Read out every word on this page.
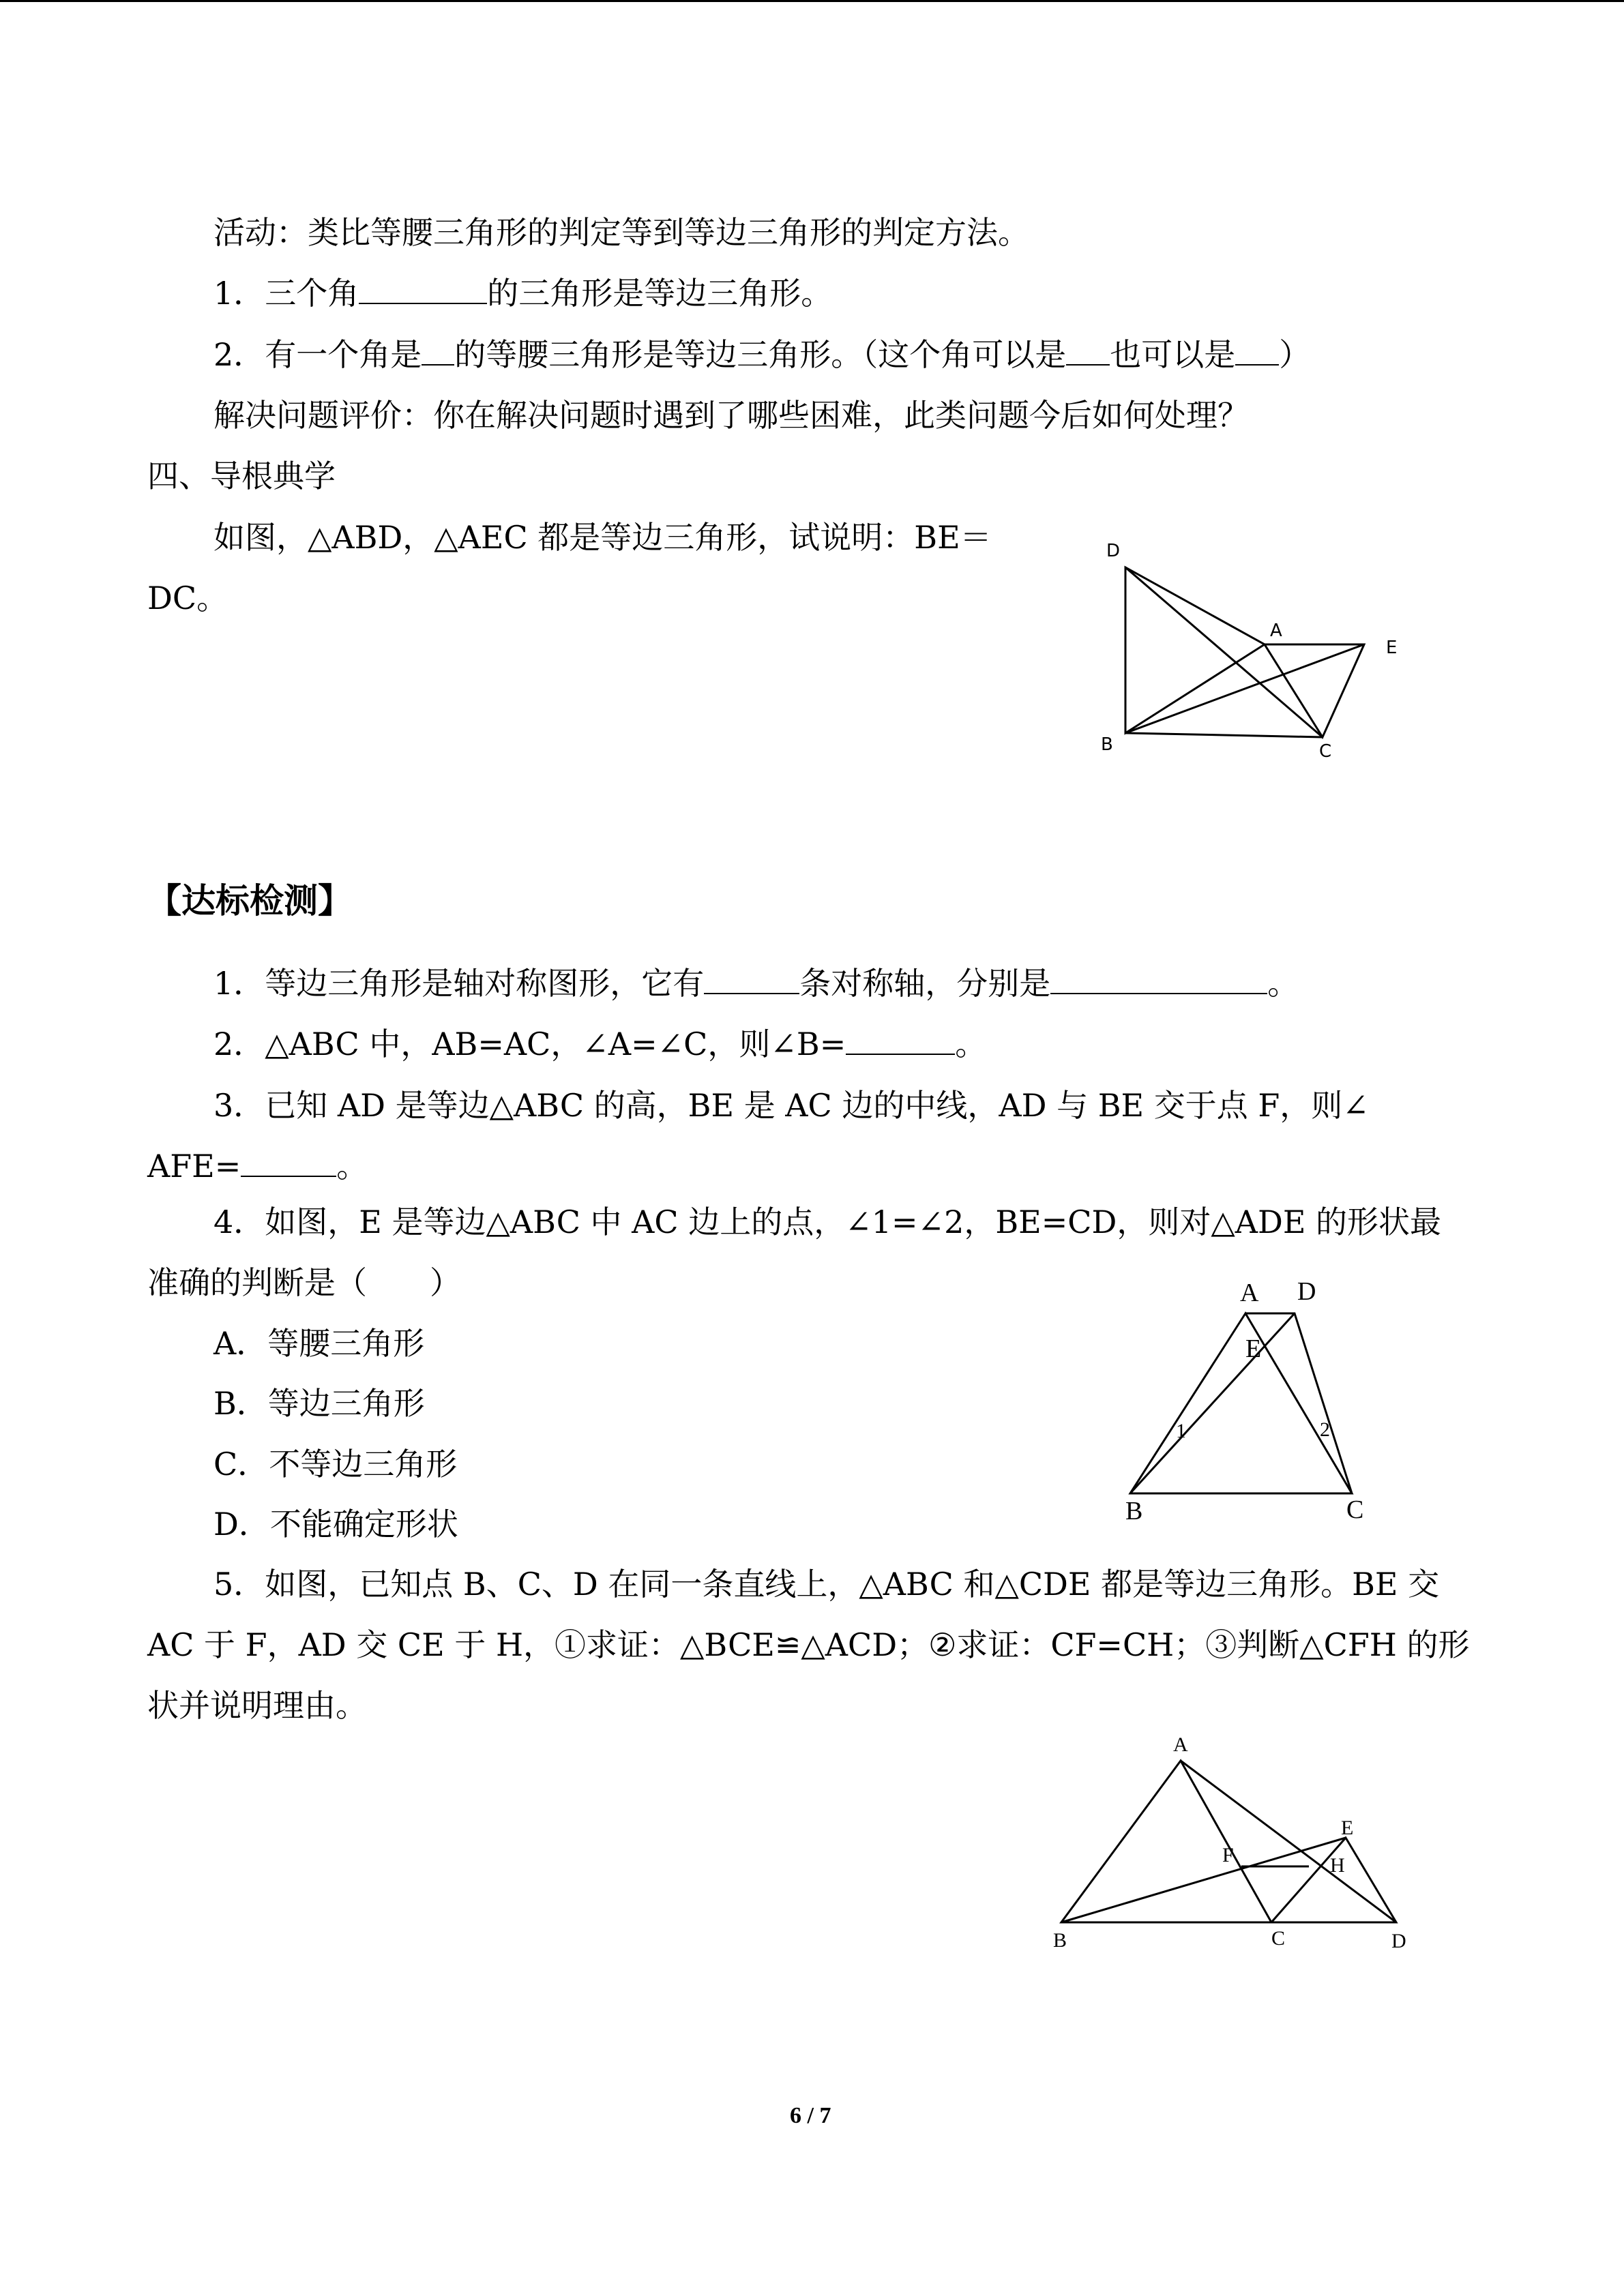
活动：类比等腰三角形的判定等到等边三角形的判定方法。
1．三个角	的三角形是等边三角形。
2．有一个角是 的等腰三角形是等边三角形。（这个角可以是 也可以是 ）
解决问题评价：你在解决问题时遇到了哪些困难，此类问题今后如何处理？
四、导根典学
如图，△ABD，△AEC 都是等边三角形，试说明：BE＝
DC。
D
A
E
B	C
【达标检测】
1．等边三角形是轴对称图形，它有	条对称轴，分别是	。
2．△ABC 中，AB=AC，∠A=∠C，则∠B=	。
3．已知 AD 是等边△ABC 的高，BE 是 AC 边的中线，AD 与 BE 交于点 F，则∠
AFE=	。
4．如图，E 是等边△ABC 中 AC 边上的点，∠1=∠2，BE=CD，则对△ADE 的形状最
准确的判断是（　　）
A．等腰三角形
B．等边三角形
C．不等边三角形
D．不能确定形状
A D
E
1	2
B	C
5．如图，已知点 B、C、D 在同一条直线上，△ABC 和△CDE 都是等边三角形。BE 交
AC 于 F，AD 交 CE 于 H，①求证：△BCE≌△ACD；②求证：CF=CH；③判断△CFH 的形
状并说明理由。
A
E
F	H
B	C	D
6 / 7
